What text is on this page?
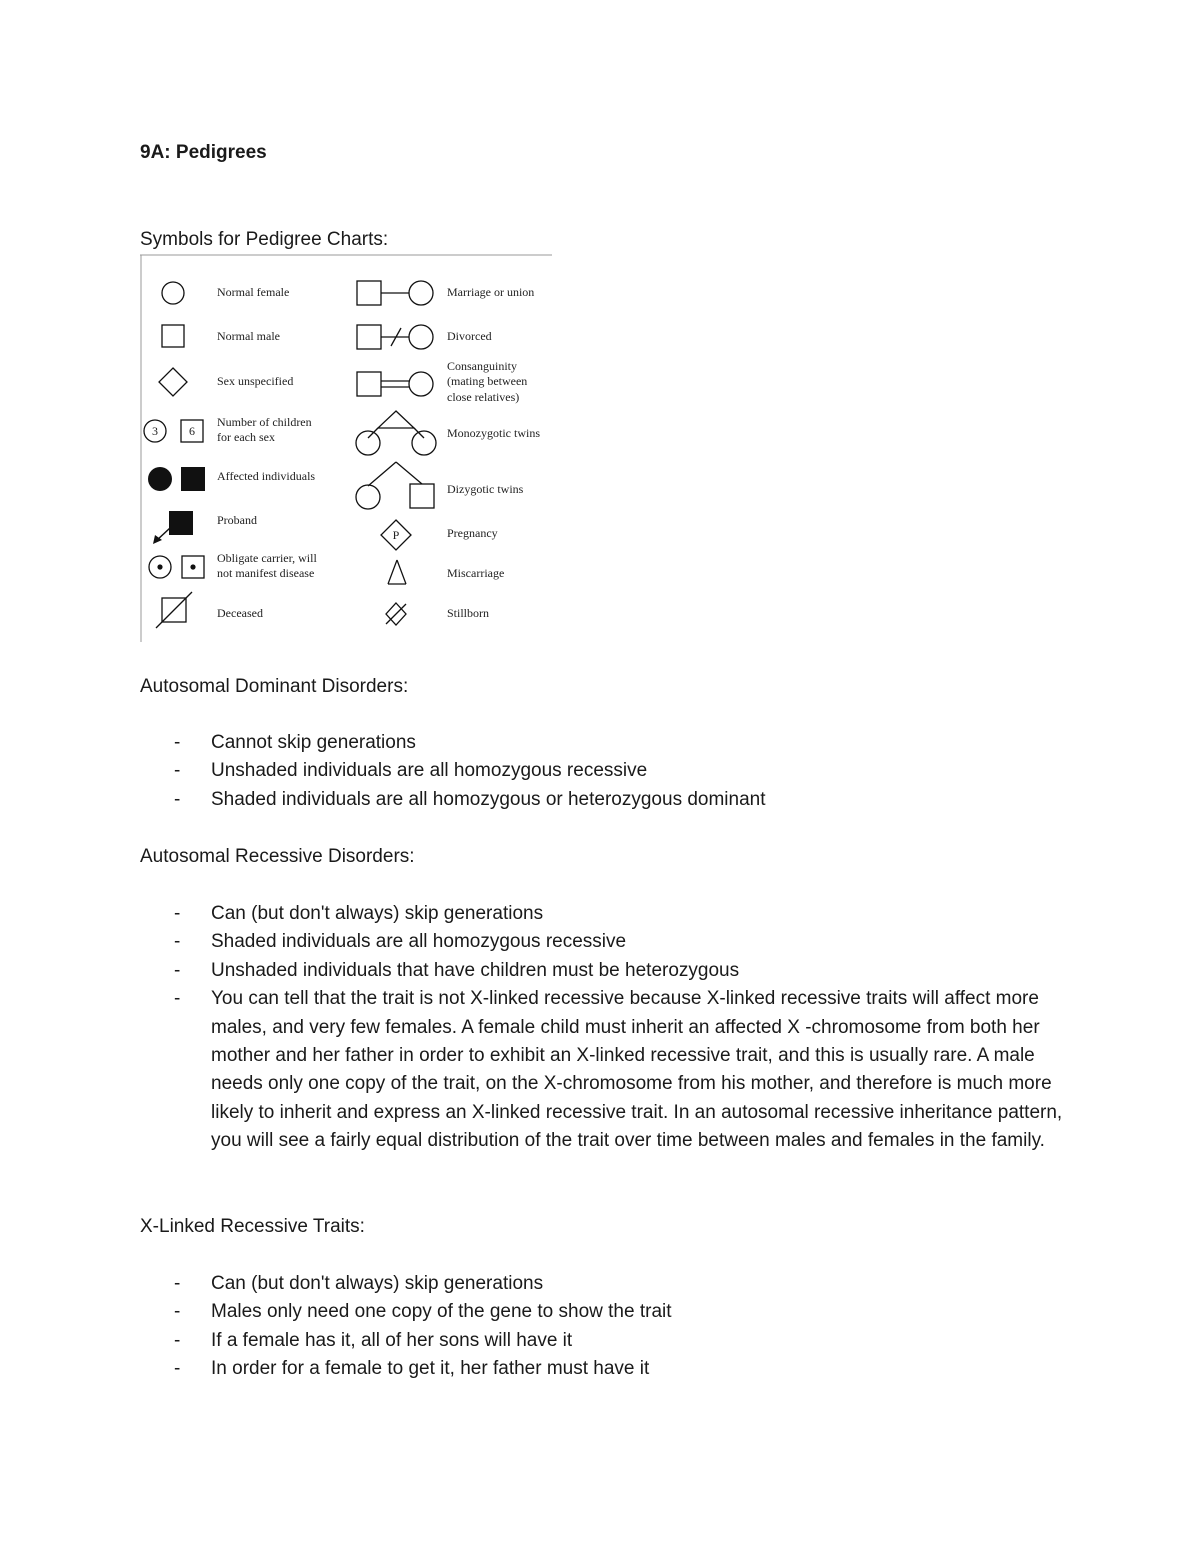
9A: Pedigrees
Symbols for Pedigree Charts:
3	6
P
Normal female
Normal male
Sex unspecified
Number of children
for each sex
Affected individuals
Proband
Obligate carrier, will
not manifest disease
Deceased
Marriage or union
Divorced
Consanguinity
(mating between
close relatives)
Monozygotic twins
Dizygotic twins
Pregnancy
Miscarriage
Stillborn
Autosomal Dominant Disorders:
- Cannot skip generations
- Unshaded individuals are all homozygous recessive
- Shaded individuals are all homozygous or heterozygous dominant
Autosomal Recessive Disorders:
- Can (but don't always) skip generations
- Shaded individuals are all homozygous recessive
- Unshaded individuals that have children must be heterozygous
- You can tell that the trait is not X-linked recessive because X-linked recessive traits will affect more males, and very few females. A female child must inherit an affected X -chromosome from both her mother and her father in order to exhibit an X-linked recessive trait, and this is usually rare. A male needs only one copy of the trait, on the X-chromosome from his mother, and therefore is much more likely to inherit and express an X-linked recessive trait. In an autosomal recessive inheritance pattern, you will see a fairly equal distribution of the trait over time between males and females in the family.
X-Linked Recessive Traits:
- Can (but don't always) skip generations
- Males only need one copy of the gene to show the trait
- If a female has it, all of her sons will have it
- In order for a female to get it, her father must have it
